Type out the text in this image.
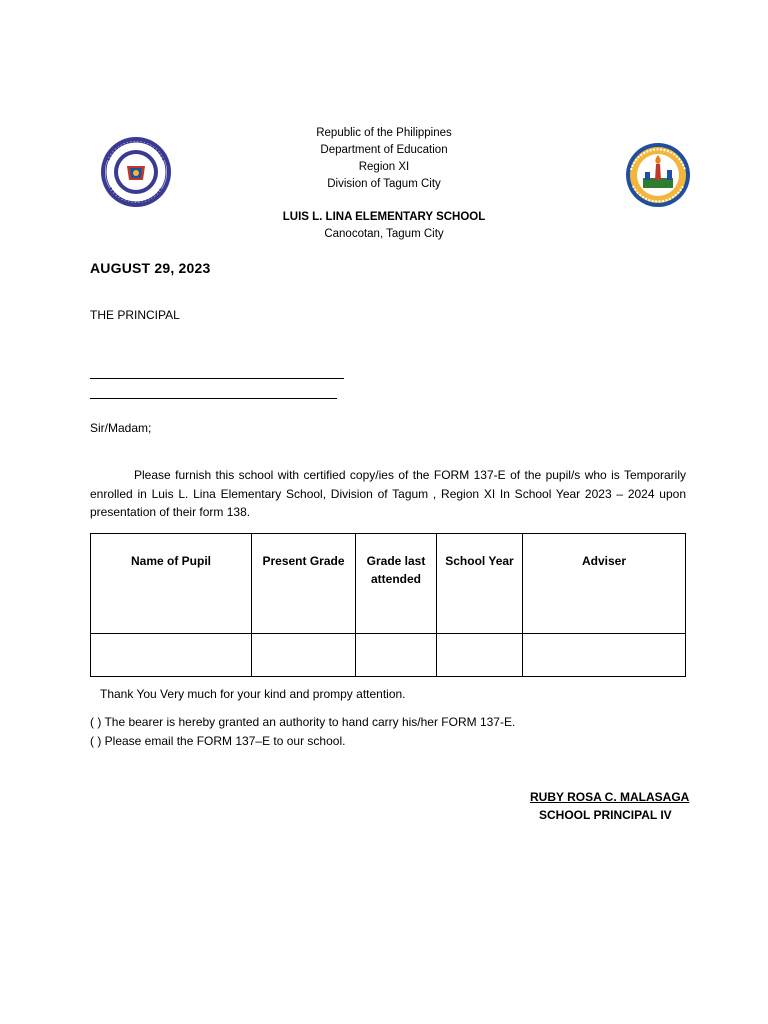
Republic of the Philippines
Department of Education
Region XI
Division of Tagum City
LUIS L. LINA ELEMENTARY SCHOOL
Canocotan, Tagum City
AUGUST 29, 2023
THE PRINCIPAL
Sir/Madam;
Please furnish this school with certified copy/ies of the FORM 137-E of the pupil/s who is Temporarily enrolled in Luis L. Lina Elementary School, Division of Tagum , Region XI In School Year 2023 – 2024 upon presentation of their form 138.
Name of Pupil	Present Grade	Grade last attended	School Year	Adviser

Thank You Very much for your kind and prompy attention.
( ) The bearer is hereby granted an authority to hand carry his/her FORM 137-E.
( ) Please email the FORM 137–E to our school.
RUBY ROSA C. MALASAGA
SCHOOL PRINCIPAL IV
